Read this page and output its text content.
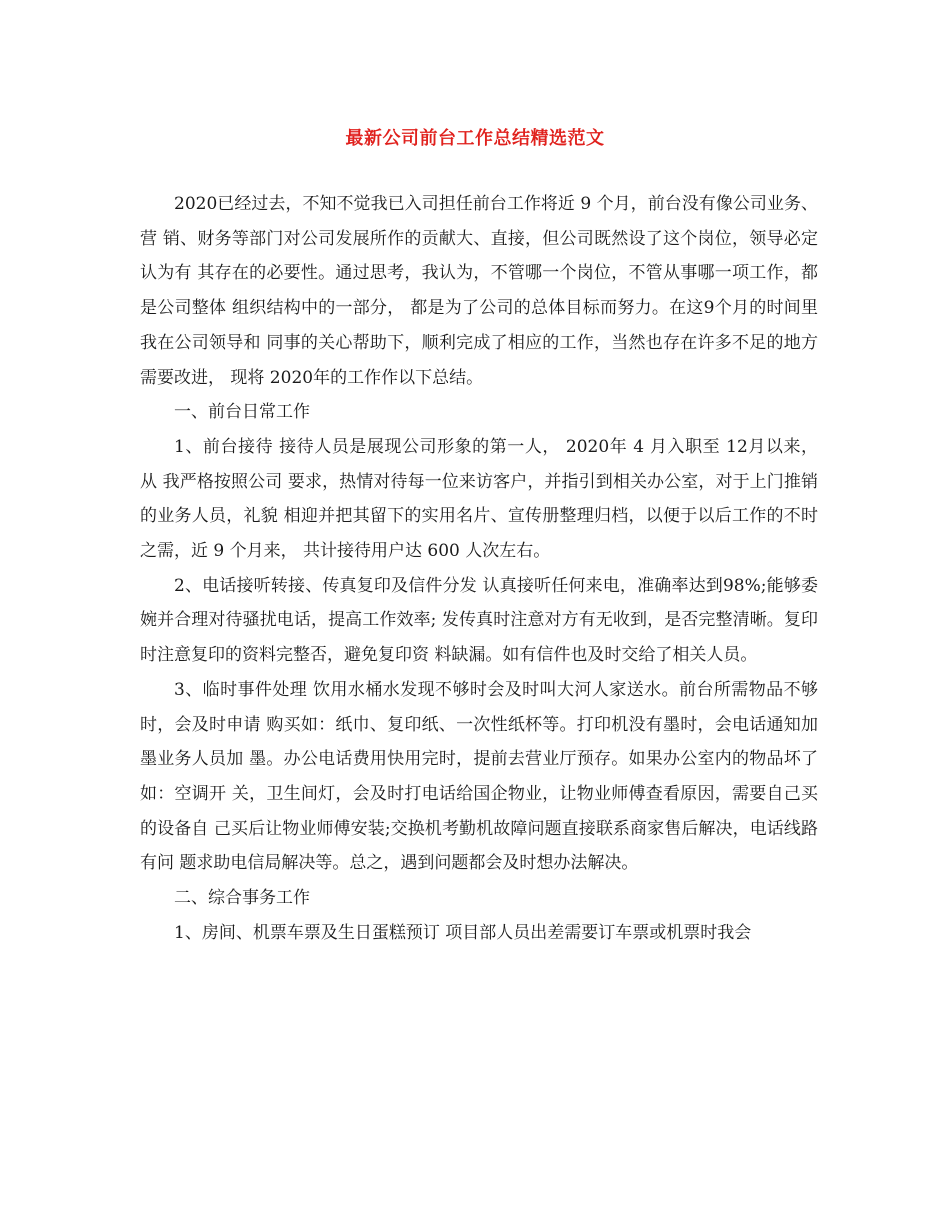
最新公司前台工作总结精选范文

2020已经过去，不知不觉我已入司担任前台工作将近 9 个月，前台没有像公司业务、营 销、财务等部门对公司发展所作的贡献大、直接，但公司既然设了这个岗位，领导必定认为有 其存在的必要性。通过思考，我认为，不管哪一个岗位，不管从事哪一项工作，都是公司整体 组织结构中的一部分， 都是为了公司的总体目标而努力。在这9个月的时间里我在公司领导和 同事的关心帮助下，顺利完成了相应的工作，当然也存在许多不足的地方需要改进， 现将 2020年的工作作以下总结。

一、前台日常工作

1、前台接待 接待人员是展现公司形象的第一人， 2020年 4 月入职至 12月以来， 从 我严格按照公司 要求，热情对待每一位来访客户，并指引到相关办公室，对于上门推销的业务人员，礼貌 相迎并把其留下的实用名片、宣传册整理归档，以便于以后工作的不时之需，近 9 个月来， 共计接待用户达 600 人次左右。

2、电话接听转接、传真复印及信件分发 认真接听任何来电，准确率达到98%;能够委婉并合理对待骚扰电话，提高工作效率; 发传真时注意对方有无收到，是否完整清晰。复印时注意复印的资料完整否，避免复印资 料缺漏。如有信件也及时交给了相关人员。

3、临时事件处理 饮用水桶水发现不够时会及时叫大河人家送水。前台所需物品不够时，会及时申请 购买如：纸巾、复印纸、一次性纸杯等。打印机没有墨时，会电话通知加墨业务人员加 墨。办公电话费用快用完时，提前去营业厅预存。如果办公室内的物品坏了如：空调开 关，卫生间灯，会及时打电话给国企物业，让物业师傅查看原因，需要自己买的设备自 己买后让物业师傅安装;交换机考勤机故障问题直接联系商家售后解决，电话线路有问 题求助电信局解决等。总之，遇到问题都会及时想办法解决。

二、综合事务工作

1、房间、机票车票及生日蛋糕预订 项目部人员出差需要订车票或机票时我会
